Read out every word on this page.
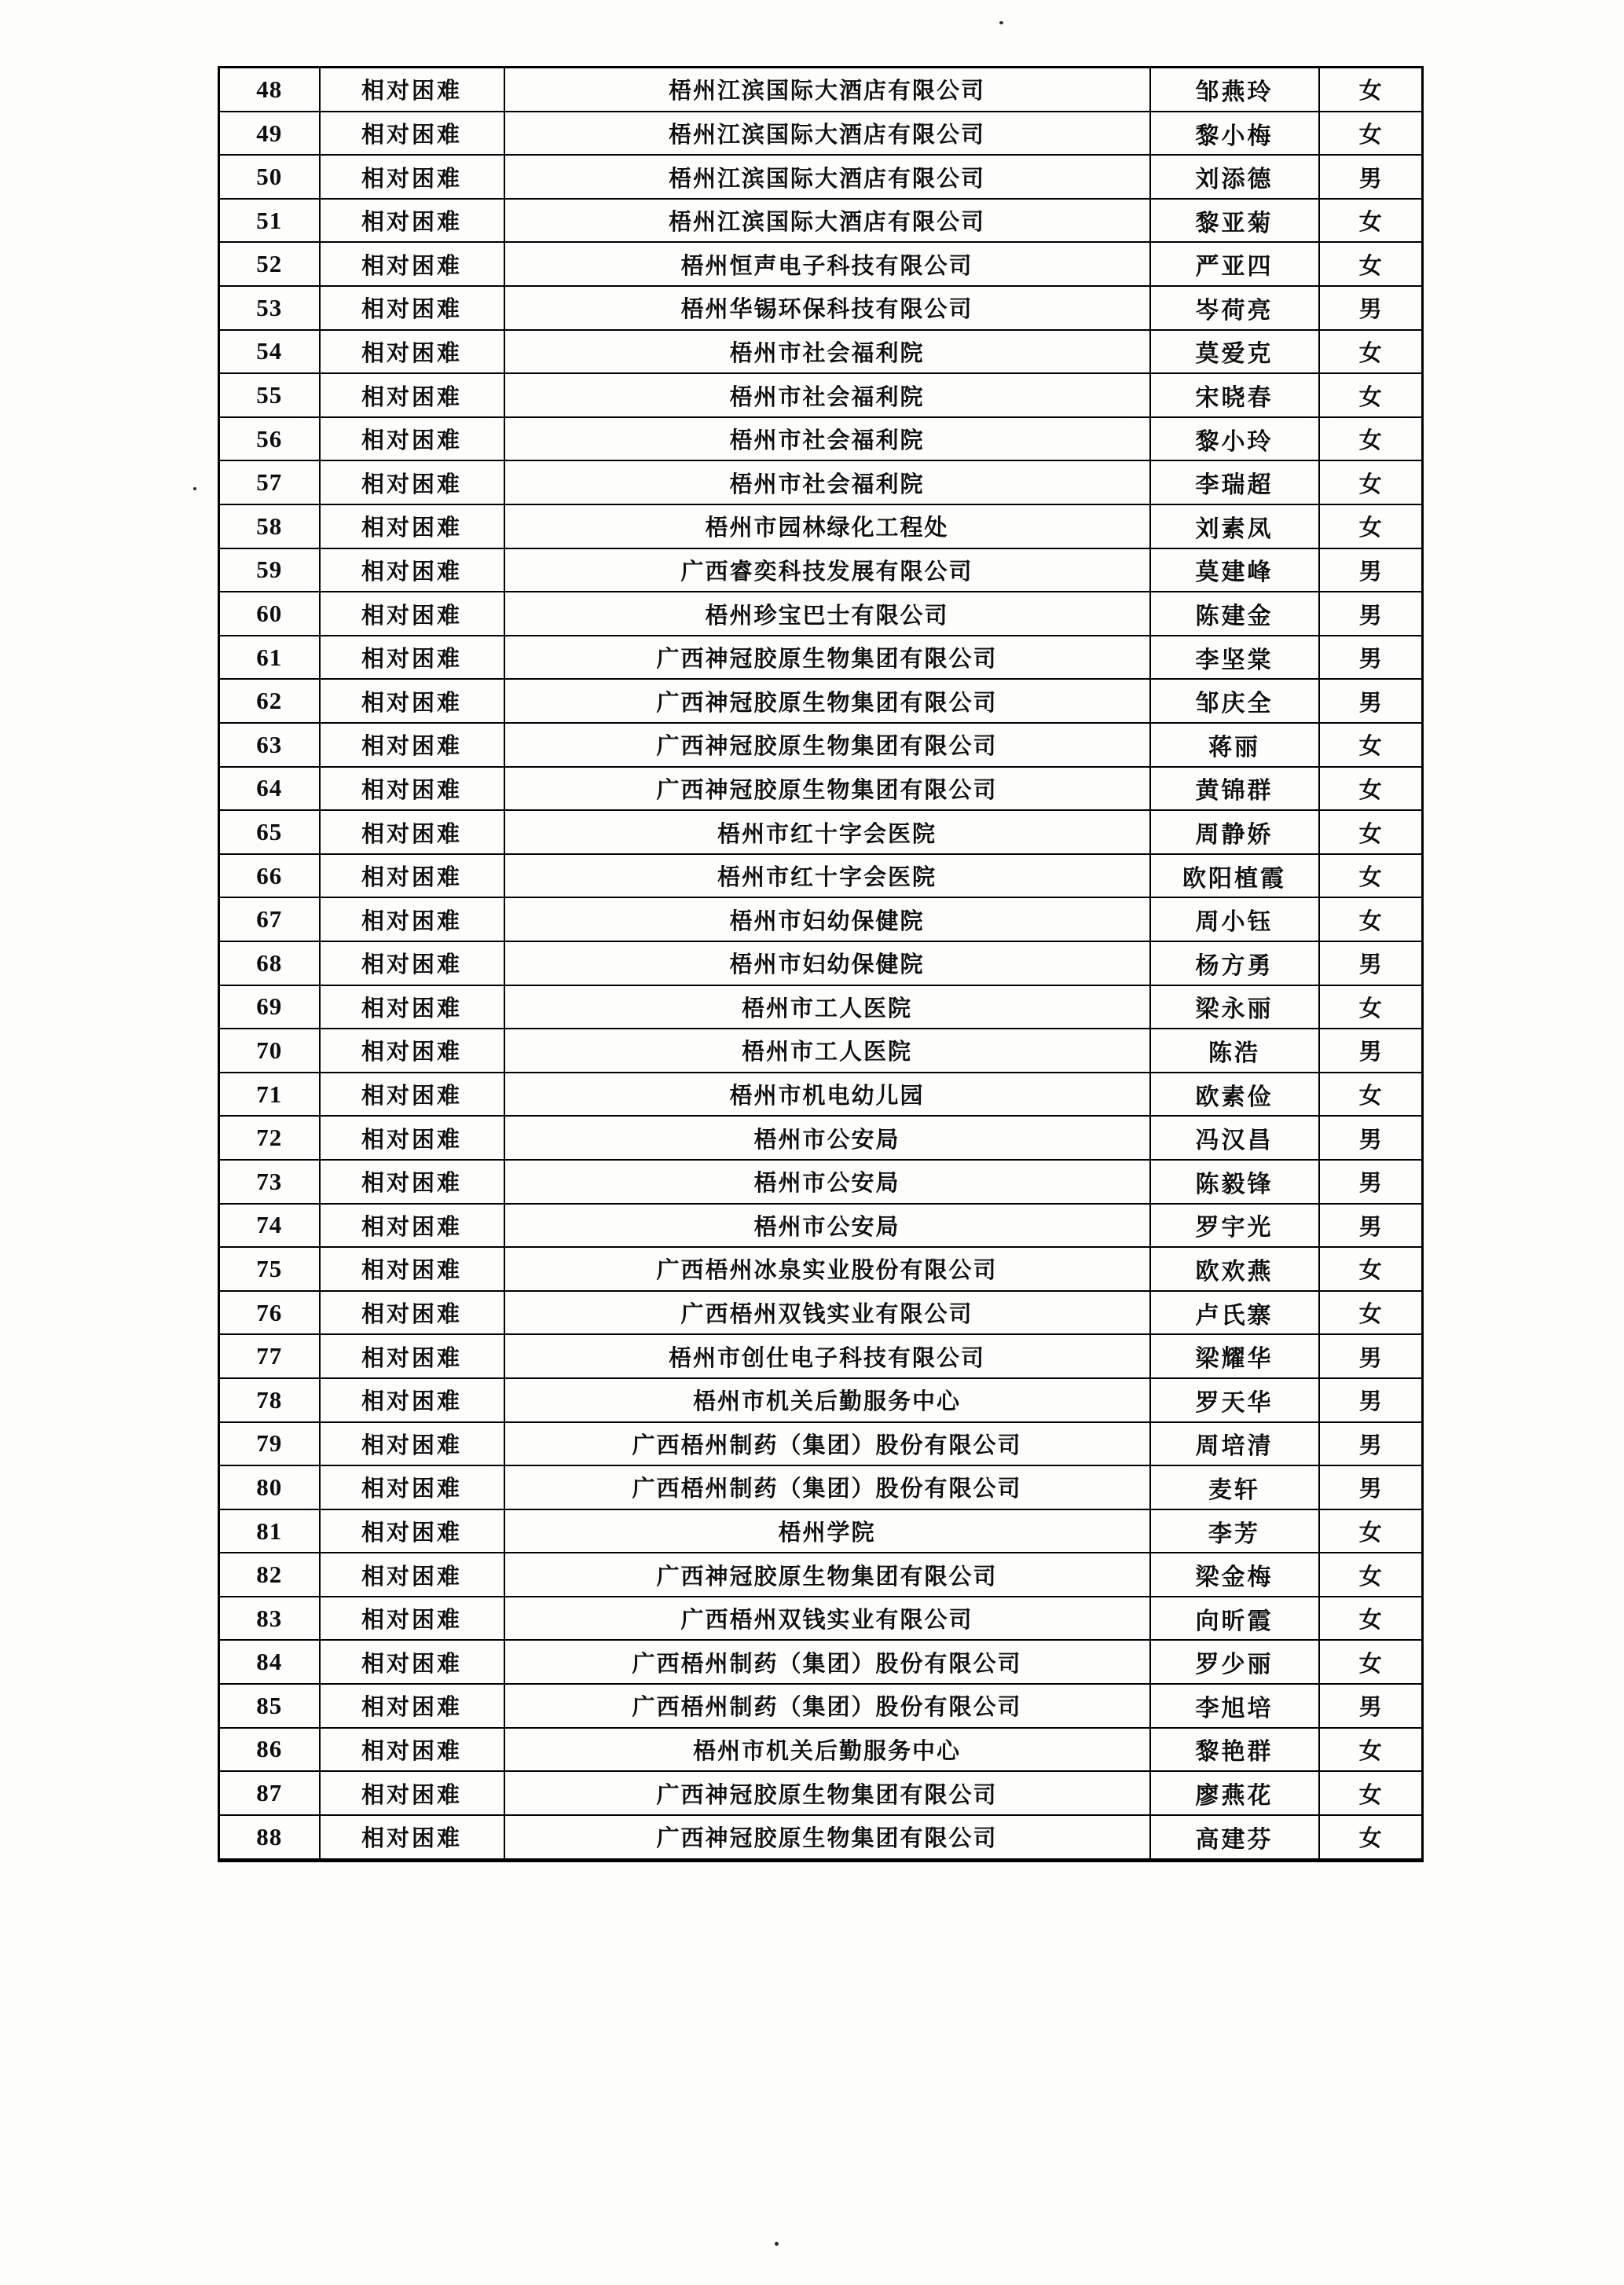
48	相对困难	梧州江滨国际大酒店有限公司	邹燕玲	女
49	相对困难	梧州江滨国际大酒店有限公司	黎小梅	女
50	相对困难	梧州江滨国际大酒店有限公司	刘添德	男
51	相对困难	梧州江滨国际大酒店有限公司	黎亚菊	女
52	相对困难	梧州恒声电子科技有限公司	严亚四	女
53	相对困难	梧州华锡环保科技有限公司	岑荷亮	男
54	相对困难	梧州市社会福利院	莫爱克	女
55	相对困难	梧州市社会福利院	宋晓春	女
56	相对困难	梧州市社会福利院	黎小玲	女
57	相对困难	梧州市社会福利院	李瑞超	女
58	相对困难	梧州市园林绿化工程处	刘素凤	女
59	相对困难	广西睿奕科技发展有限公司	莫建峰	男
60	相对困难	梧州珍宝巴士有限公司	陈建金	男
61	相对困难	广西神冠胶原生物集团有限公司	李坚棠	男
62	相对困难	广西神冠胶原生物集团有限公司	邹庆全	男
63	相对困难	广西神冠胶原生物集团有限公司	蒋丽	女
64	相对困难	广西神冠胶原生物集团有限公司	黄锦群	女
65	相对困难	梧州市红十字会医院	周静娇	女
66	相对困难	梧州市红十字会医院	欧阳植霞	女
67	相对困难	梧州市妇幼保健院	周小钰	女
68	相对困难	梧州市妇幼保健院	杨方勇	男
69	相对困难	梧州市工人医院	梁永丽	女
70	相对困难	梧州市工人医院	陈浩	男
71	相对困难	梧州市机电幼儿园	欧素俭	女
72	相对困难	梧州市公安局	冯汉昌	男
73	相对困难	梧州市公安局	陈毅锋	男
74	相对困难	梧州市公安局	罗宇光	男
75	相对困难	广西梧州冰泉实业股份有限公司	欧欢燕	女
76	相对困难	广西梧州双钱实业有限公司	卢氏寨	女
77	相对困难	梧州市创仕电子科技有限公司	梁耀华	男
78	相对困难	梧州市机关后勤服务中心	罗天华	男
79	相对困难	广西梧州制药（集团）股份有限公司	周培清	男
80	相对困难	广西梧州制药（集团）股份有限公司	麦轩	男
81	相对困难	梧州学院	李芳	女
82	相对困难	广西神冠胶原生物集团有限公司	梁金梅	女
83	相对困难	广西梧州双钱实业有限公司	向昕霞	女
84	相对困难	广西梧州制药（集团）股份有限公司	罗少丽	女
85	相对困难	广西梧州制药（集团）股份有限公司	李旭培	男
86	相对困难	梧州市机关后勤服务中心	黎艳群	女
87	相对困难	广西神冠胶原生物集团有限公司	廖燕花	女
88	相对困难	广西神冠胶原生物集团有限公司	高建芬	女
